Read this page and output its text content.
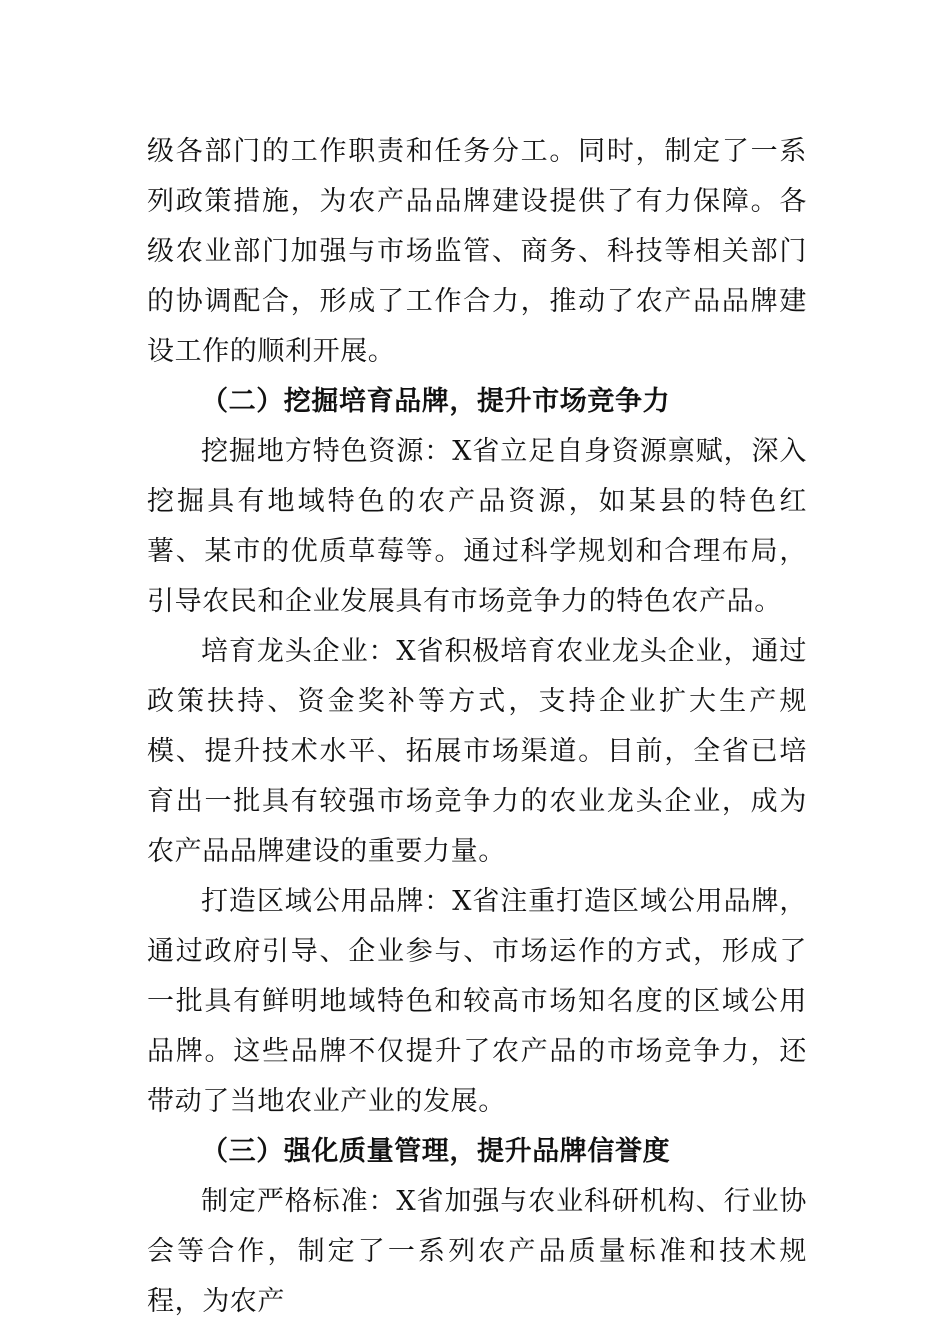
级各部门的工作职责和任务分工。同时，制定了一系列政策措施，为农产品品牌建设提供了有力保障。各级农业部门加强与市场监管、商务、科技等相关部门的协调配合，形成了工作合力，推动了农产品品牌建设工作的顺利开展。

（二）挖掘培育品牌，提升市场竞争力

挖掘地方特色资源：X省立足自身资源禀赋，深入挖掘具有地域特色的农产品资源，如某县的特色红薯、某市的优质草莓等。通过科学规划和合理布局，引导农民和企业发展具有市场竞争力的特色农产品。

培育龙头企业：X省积极培育农业龙头企业，通过政策扶持、资金奖补等方式，支持企业扩大生产规模、提升技术水平、拓展市场渠道。目前，全省已培育出一批具有较强市场竞争力的农业龙头企业，成为农产品品牌建设的重要力量。

打造区域公用品牌：X省注重打造区域公用品牌，通过政府引导、企业参与、市场运作的方式，形成了一批具有鲜明地域特色和较高市场知名度的区域公用品牌。这些品牌不仅提升了农产品的市场竞争力，还带动了当地农业产业的发展。

（三）强化质量管理，提升品牌信誉度

制定严格标准：X省加强与农业科研机构、行业协会等合作，制定了一系列农产品质量标准和技术规程，为农产
